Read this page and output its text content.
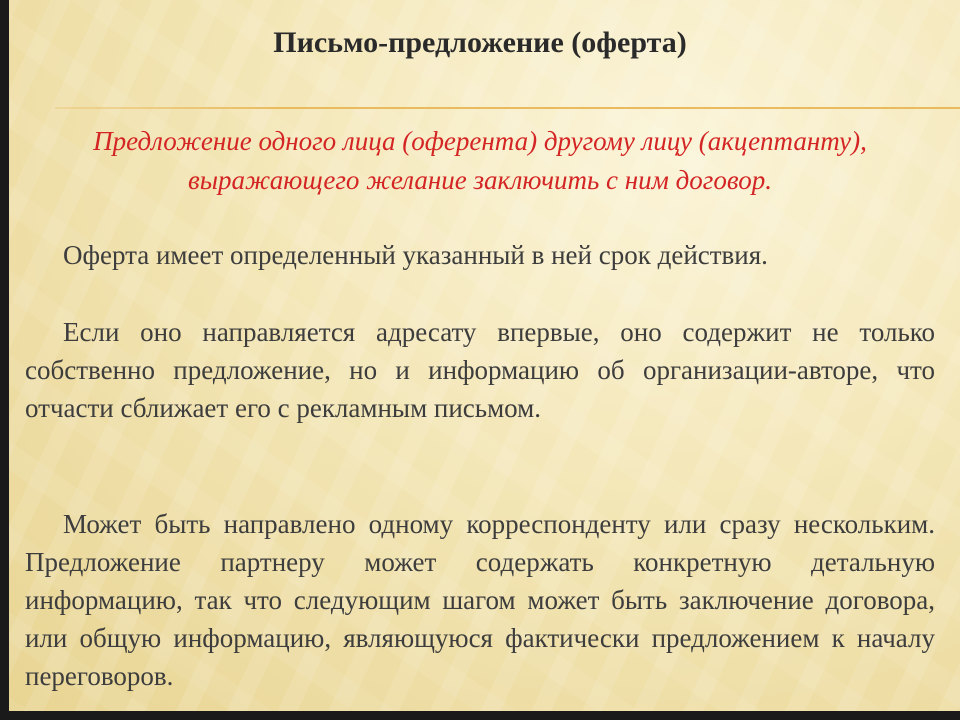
Письмо-предложение (оферта)

Предложение одного лица (оферента) другому лицу (акцептанту), выражающего желание заключить с ним договор.

Оферта имеет определенный указанный в ней срок действия.

Если оно направляется адресату впервые, оно содержит не только собственно предложение, но и информацию об организации-авторе, что отчасти сближает его с рекламным письмом.

Может быть направлено одному корреспонденту или сразу нескольким. Предложение партнеру может содержать конкретную детальную информацию, так что следующим шагом может быть заключение договора, или общую информацию, являющуюся фактически предложением к началу переговоров.
